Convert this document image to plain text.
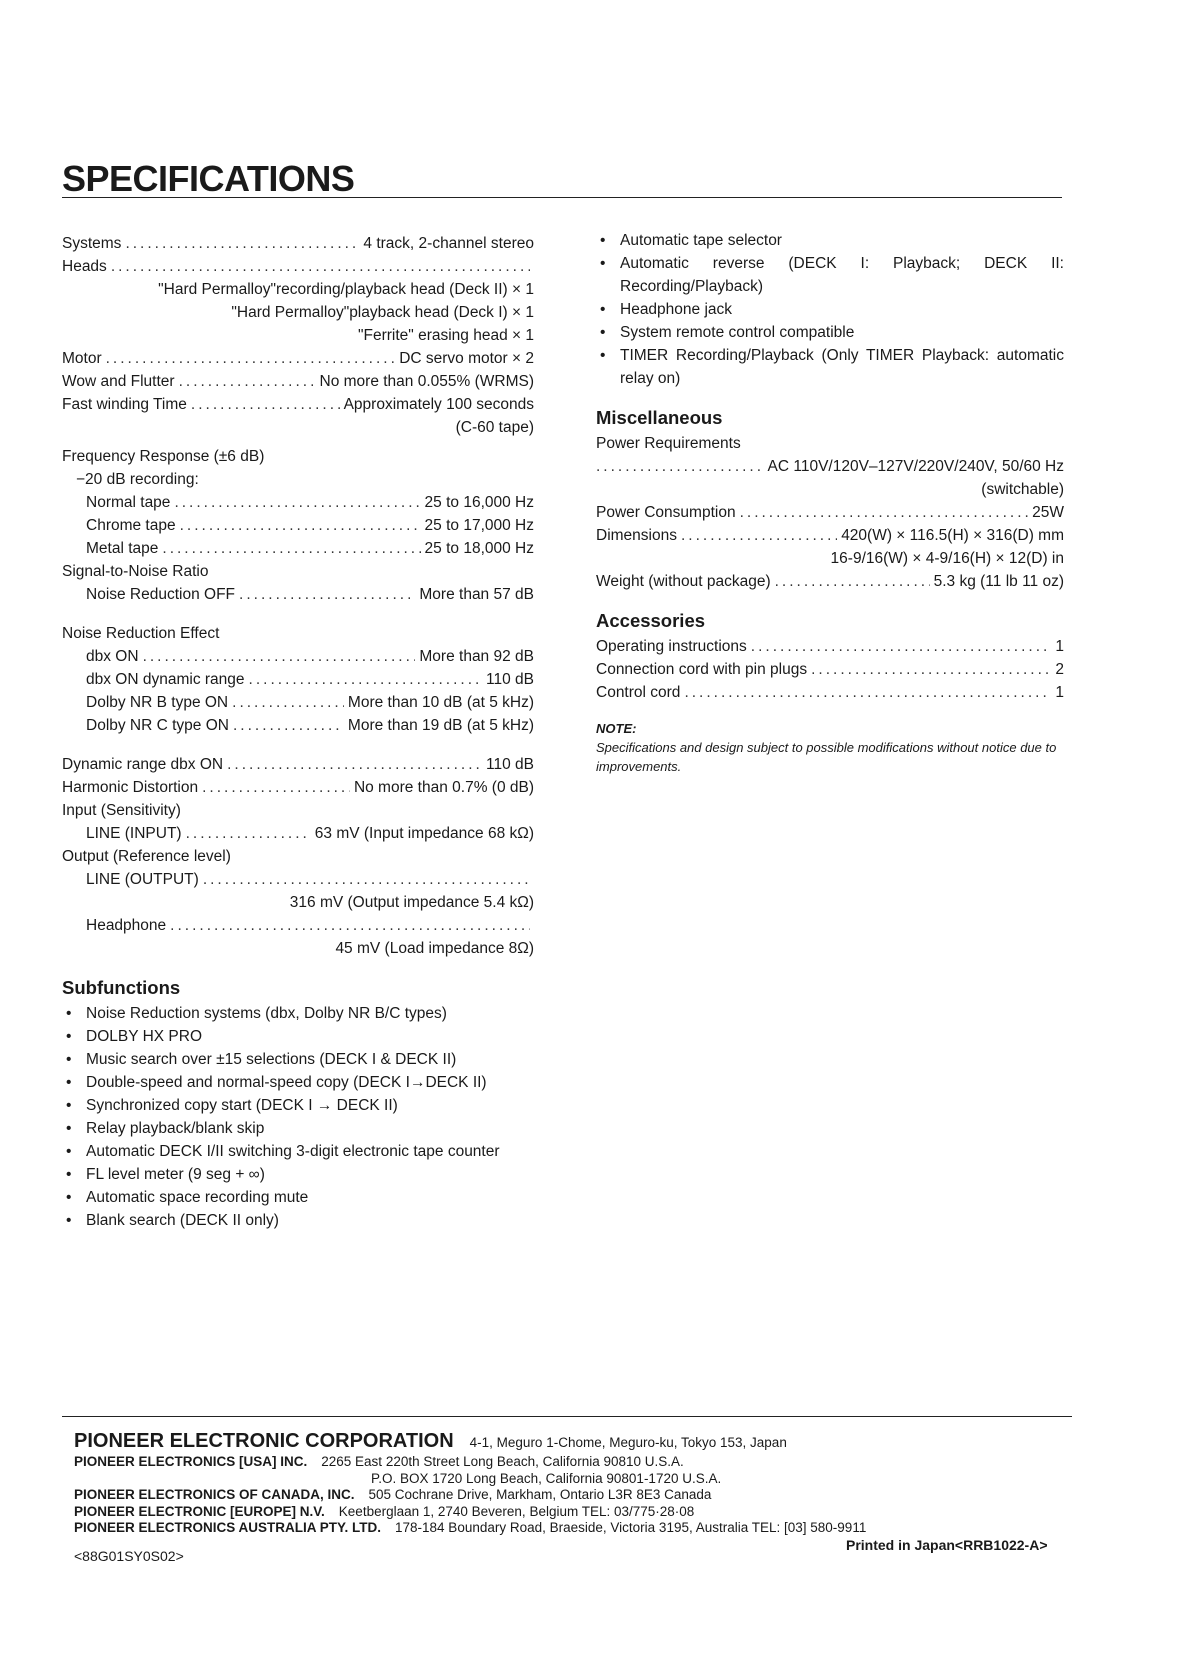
SPECIFICATIONS
Systems .....	4 track, 2-channel stereo
Heads
.....
"Hard Permalloy"recording/playback head (Deck II) × 1
"Hard Permalloy"playback head (Deck I) × 1
"Ferrite" erasing head × 1
Motor .....	DC servo motor × 2
Wow and Flutter .....	No more than 0.055% (WRMS)
Fast winding Time .....	Approximately 100 seconds
(C-60 tape)
Frequency Response (±6 dB)
−20 dB recording:
Normal tape .....	25 to 16,000 Hz
Chrome tape .....	25 to 17,000 Hz
Metal tape .....	25 to 18,000 Hz
Signal-to-Noise Ratio
Noise Reduction OFF .....	More than 57 dB
Noise Reduction Effect
dbx ON .....	More than 92 dB
dbx ON dynamic range .....	110 dB
Dolby NR B type ON .....	More than 10 dB (at 5 kHz)
Dolby NR C type ON .....	More than 19 dB (at 5 kHz)
Dynamic range dbx ON .....	110 dB
Harmonic Distortion .....	No more than 0.7% (0 dB)
Input (Sensitivity)
LINE (INPUT) .....	63 mV (Input impedance 68 kΩ)
Output (Reference level)
LINE (OUTPUT)
.....
316 mV (Output impedance 5.4 kΩ)
Headphone
.....
45 mV (Load impedance 8Ω)
Subfunctions
• Noise Reduction systems (dbx, Dolby NR B/C types)
• DOLBY HX PRO
• Music search over ±15 selections (DECK I & DECK II)
• Double-speed and normal-speed copy (DECK I→DECK II)
• Synchronized copy start (DECK I → DECK II)
• Relay playback/blank skip
• Automatic DECK I/II switching 3-digit electronic tape counter
• FL level meter (9 seg + ∞)
• Automatic space recording mute
• Blank search (DECK II only)
• Automatic tape selector
• Automatic reverse (DECK I: Playback; DECK II: Recording/Playback)
• Headphone jack
• System remote control compatible
• TIMER Recording/Playback (Only TIMER Playback: automatic relay on)
Miscellaneous
Power Requirements
.....
AC 110V/120V–127V/220V/240V, 50/60 Hz
(switchable)
Power Consumption .....	25W
Dimensions .....	420(W) × 116.5(H) × 316(D) mm
16-9/16(W) × 4-9/16(H) × 12(D) in
Weight (without package) .....	5.3 kg (11 lb 11 oz)
Accessories
Operating instructions .....	1
Connection cord with pin plugs .....	2
Control cord .....	1
NOTE:
Specifications and design subject to possible modifications without notice due to improvements.
PIONEER ELECTRONIC CORPORATION 4-1, Meguro 1-Chome, Meguro-ku, Tokyo 153, Japan
PIONEER ELECTRONICS [USA] INC. 2265 East 220th Street Long Beach, California 90810 U.S.A.
P.O. BOX 1720 Long Beach, California 90801-1720 U.S.A.
PIONEER ELECTRONICS OF CANADA, INC. 505 Cochrane Drive, Markham, Ontario L3R 8E3 Canada
PIONEER ELECTRONIC [EUROPE] N.V. Keetberglaan 1, 2740 Beveren, Belgium TEL: 03/775·28·08
PIONEER ELECTRONICS AUSTRALIA PTY. LTD. 178-184 Boundary Road, Braeside, Victoria 3195, Australia TEL: [03] 580-9911
<88G01SY0S02>
Printed in Japan<RRB1022-A>
